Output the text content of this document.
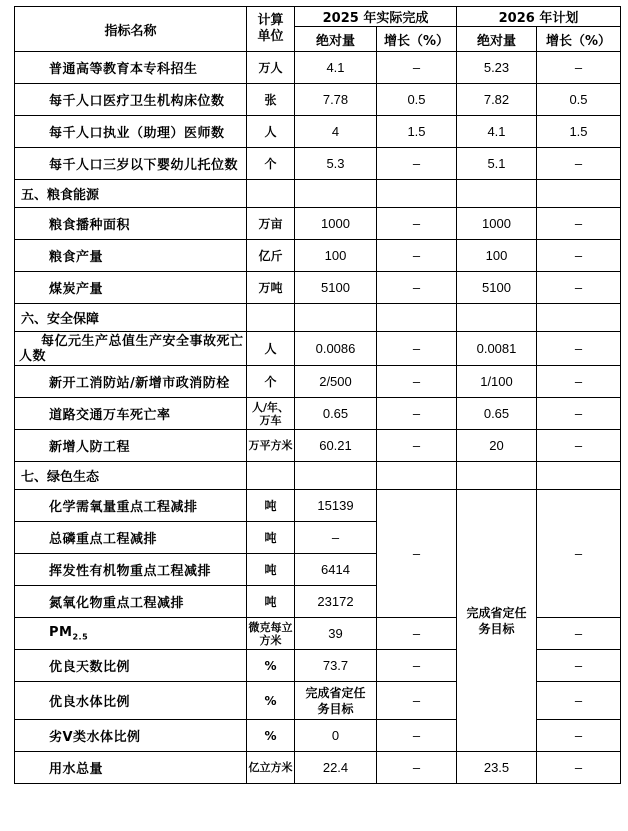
指标名称	计算单位	2025 年实际完成		2026 年计划	
		绝对量	增长（%）	绝对量	增长（%）
普通高等教育本专科招生	万人	4.1	–	5.23	–
每千人口医疗卫生机构床位数	张	7.78	0.5	7.82	0.5
每千人口执业（助理）医师数	人	4	1.5	4.1	1.5
每千人口三岁以下婴幼儿托位数	个	5.3	–	5.1	–
五、粮食能源					
粮食播种面积	万亩	1000	–	1000	–
粮食产量	亿斤	100	–	100	–
煤炭产量	万吨	5100	–	5100	–
六、安全保障					
每亿元生产总值生产安全事故死亡人数	人	0.0086	–	0.0081	–
新开工消防站/新增市政消防栓	个	2/500	–	1/100	–
道路交通万车死亡率	人/年、万车	0.65	–	0.65	–
新增人防工程	万平方米	60.21	–	20	–
七、绿色生态					
化学需氧量重点工程减排	吨	15139	–	完成省定任务目标	–
总磷重点工程减排	吨	–			
挥发性有机物重点工程减排	吨	6414			
氮氧化物重点工程减排	吨	23172			
$PM_{2.5}$	微克每立方米	39	–		–
优良天数比例	%	73.7	–		–
优良水体比例	%	完成省定任务目标	–		–
劣Ⅴ类水体比例	%	0	–		–
用水总量	亿立方米	22.4	–	23.5	–
